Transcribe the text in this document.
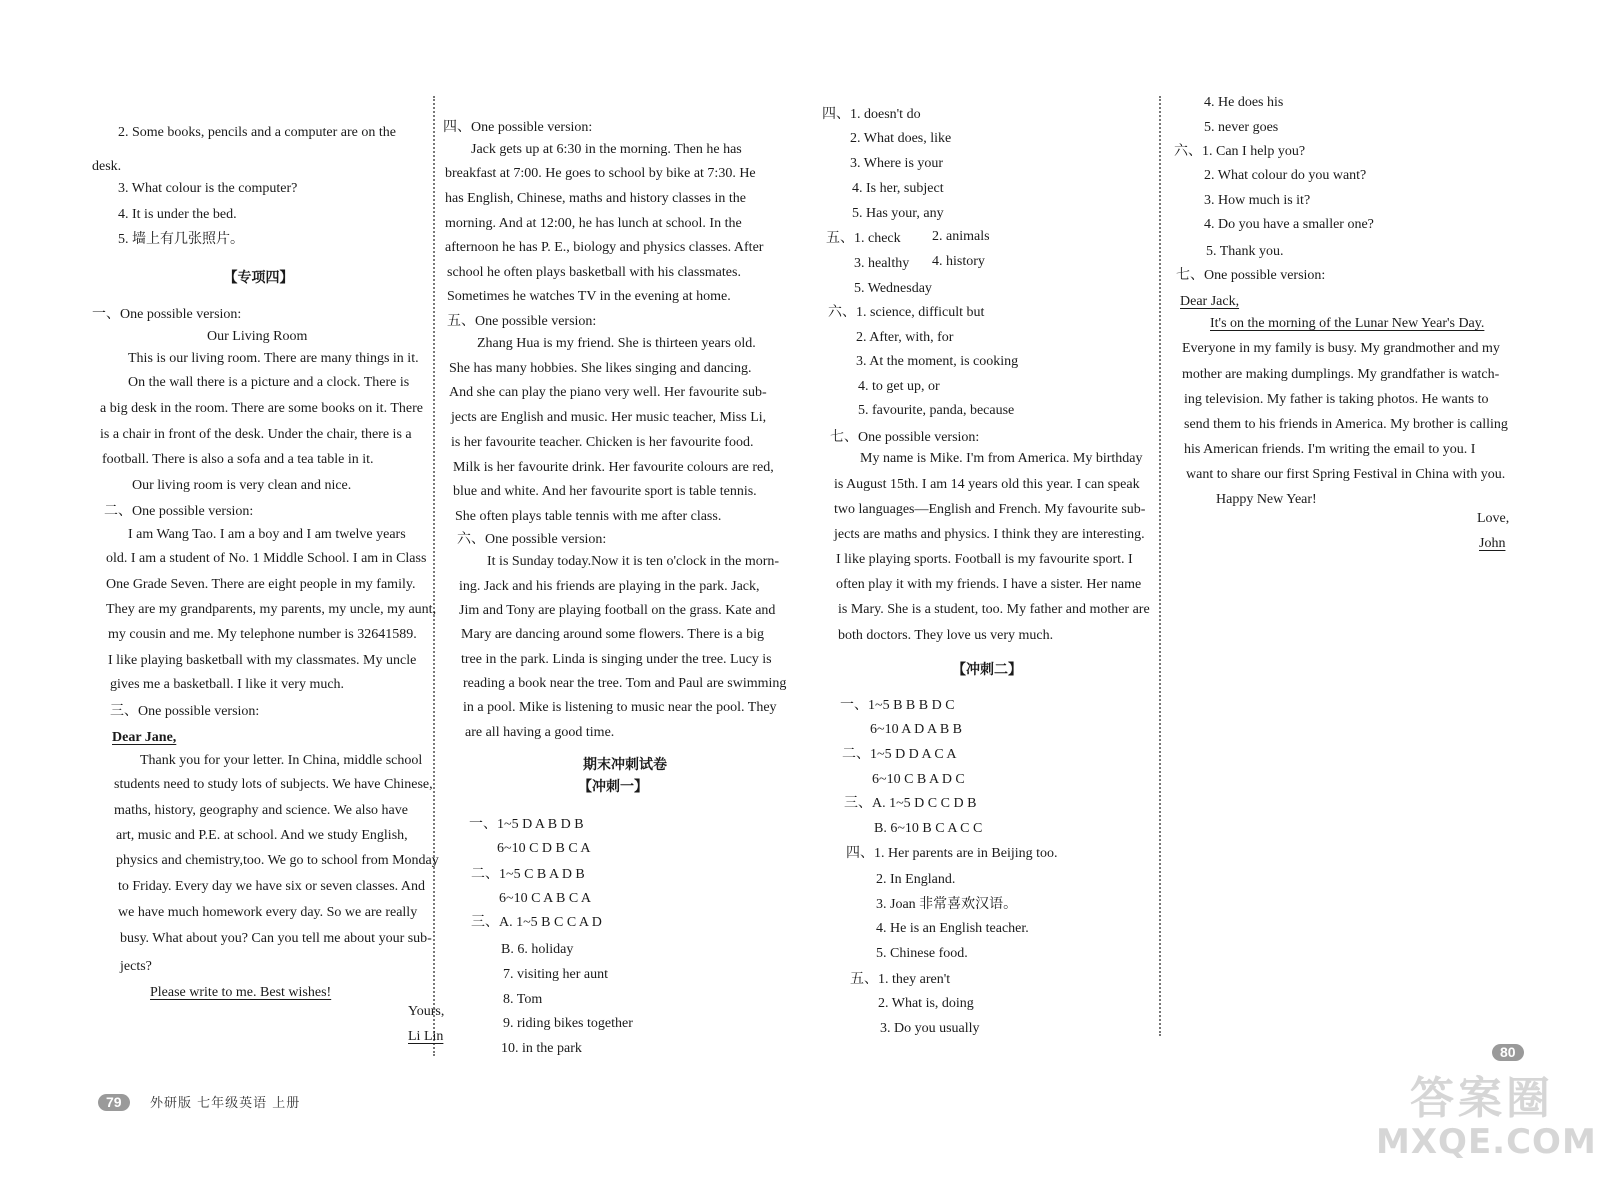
2. Some books, pencils and a computer are on the
desk.
3. What colour is the computer?
4. It is under the bed.
5. 墙上有几张照片。
【专项四】
一、One possible version:
Our Living Room
This is our living room. There are many things in it.
On the wall there is a picture and a clock. There is
a big desk in the room. There are some books on it. There
is a chair in front of the desk. Under the chair, there is a
football. There is also a sofa and a tea table in it.
Our living room is very clean and nice.
二、One possible version:
I am Wang Tao. I am a boy and I am twelve years
old. I am a student of No. 1 Middle School. I am in Class
One Grade Seven. There are eight people in my family.
They are my grandparents, my parents, my uncle, my aunt,
my cousin and me. My telephone number is 32641589.
I like playing basketball with my classmates. My uncle
gives me a basketball. I like it very much.
三、One possible version:
Dear Jane,
Thank you for your letter. In China, middle school
students need to study lots of subjects. We have Chinese,
maths, history, geography and science. We also have
art, music and P.E. at school. And we study English,
physics and chemistry,too. We go to school from Monday
to Friday. Every day we have six or seven classes. And
we have much homework every day. So we are really
busy. What about you? Can you tell me about your sub-
jects?
Please write to me. Best wishes!
Yours,
Li Lin
四、One possible version:
Jack gets up at 6:30 in the morning. Then he has
breakfast at 7:00. He goes to school by bike at 7:30. He
has English, Chinese, maths and history classes in the
morning. And at 12:00, he has lunch at school. In the
afternoon he has P. E., biology and physics classes. After
school he often plays basketball with his classmates.
Sometimes he watches TV in the evening at home.
五、One possible version:
Zhang Hua is my friend. She is thirteen years old.
She has many hobbies. She likes singing and dancing.
And she can play the piano very well. Her favourite sub-
jects are English and music. Her music teacher, Miss Li,
is her favourite teacher. Chicken is her favourite food.
Milk is her favourite drink. Her favourite colours are red,
blue and white. And her favourite sport is table tennis.
She often plays table tennis with me after class.
六、One possible version:
It is Sunday today.Now it is ten o'clock in the morn-
ing. Jack and his friends are playing in the park. Jack,
Jim and Tony are playing football on the grass. Kate and
Mary are dancing around some flowers. There is a big
tree in the park. Linda is singing under the tree. Lucy is
reading a book near the tree. Tom and Paul are swimming
in a pool. Mike is listening to music near the pool. They
are all having a good time.
期末冲刺试卷
【冲刺一】
一、1~5 D A B D B
6~10 C D B C A
二、1~5 C B A D B
6~10 C A B C A
三、A. 1~5 B C C A D
B. 6. holiday
7. visiting her aunt
8. Tom
9. riding bikes together
10. in the park
四、1. doesn't do
2. What does, like
3. Where is your
4. Is her, subject
5. Has your, any
五、1. check 2. animals
3. healthy 4. history
5. Wednesday
六、1. science, difficult but
2. After, with, for
3. At the moment, is cooking
4. to get up, or
5. favourite, panda, because
七、One possible version:
My name is Mike. I'm from America. My birthday
is August 15th. I am 14 years old this year. I can speak
two languages—English and French. My favourite sub-
jects are maths and physics. I think they are interesting.
I like playing sports. Football is my favourite sport. I
often play it with my friends. I have a sister. Her name
is Mary. She is a student, too. My father and mother are
both doctors. They love us very much.
【冲刺二】
一、1~5 B B B D C
6~10 A D A B B
二、1~5 D D A C A
6~10 C B A D C
三、A. 1~5 D C C D B
B. 6~10 B C A C C
四、1. Her parents are in Beijing too.
2. In England.
3. Joan 非常喜欢汉语。
4. He is an English teacher.
5. Chinese food.
五、1. they aren't
2. What is, doing
3. Do you usually
4. He does his
5. never goes
六、1. Can I help you?
2. What colour do you want?
3. How much is it?
4. Do you have a smaller one?
5. Thank you.
七、One possible version:
Dear Jack,
It's on the morning of the Lunar New Year's Day.
Everyone in my family is busy. My grandmother and my
mother are making dumplings. My grandfather is watch-
ing television. My father is taking photos. He wants to
send them to his friends in America. My brother is calling
his American friends. I'm writing the email to you. I
want to share our first Spring Festival in China with you.
Happy New Year!
Love,
John
79	外研版 七年级英语 上册
80
答案圈
MXQE.COM
